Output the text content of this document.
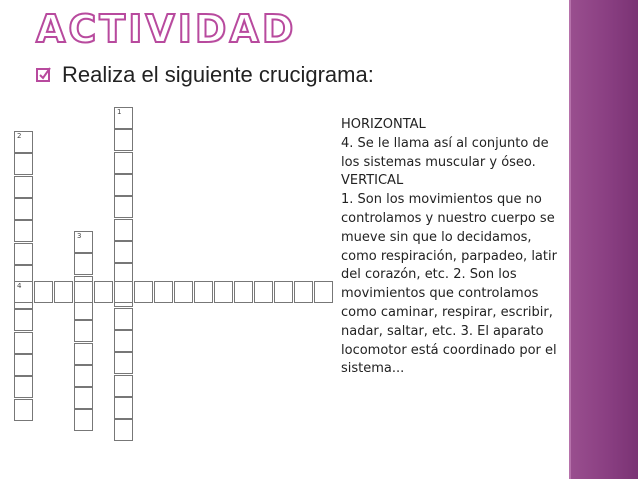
ACTIVIDAD
Realiza el siguiente crucigrama:
1
2
3
4

HORIZONTAL

4. Se le llama así al conjunto de los sistemas muscular y óseo.

VERTICAL

1. Son los movimientos que no controlamos y nuestro cuerpo se mueve sin que lo decidamos, como respiración, parpadeo, latir del corazón, etc. 2. Son los movimientos que controlamos como caminar, respirar, escribir, nadar, saltar, etc. 3. El aparato locomotor está coordinado por el sistema...
